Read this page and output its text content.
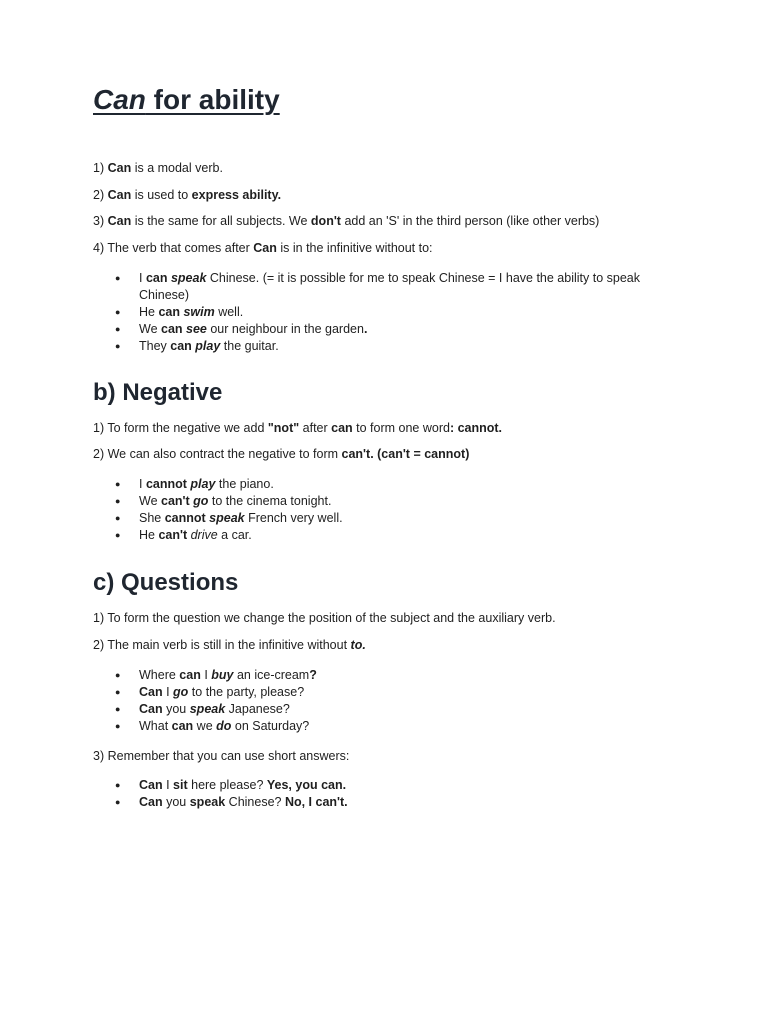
Can for ability
1) Can is a modal verb.
2) Can is used to express ability.
3) Can is the same for all subjects. We don't add an 'S' in the third person (like other verbs)
4) The verb that comes after Can is in the infinitive without to:
● I can speak Chinese. (= it is possible for me to speak Chinese = I have the ability to speak Chinese)
● He can swim well.
● We can see our neighbour in the garden.
● They can play the guitar.
b) Negative
1) To form the negative we add "not" after can to form one word: cannot.
2) We can also contract the negative to form can't. (can't = cannot)
● I cannot play the piano.
● We can't go to the cinema tonight.
● She cannot speak French very well.
● He can't drive a car.
c) Questions
1) To form the question we change the position of the subject and the auxiliary verb.
2) The main verb is still in the infinitive without to.
● Where can I buy an ice-cream?
● Can I go to the party, please?
● Can you speak Japanese?
● What can we do on Saturday?
3) Remember that you can use short answers:
● Can I sit here please? Yes, you can.
● Can you speak Chinese? No, I can't.
